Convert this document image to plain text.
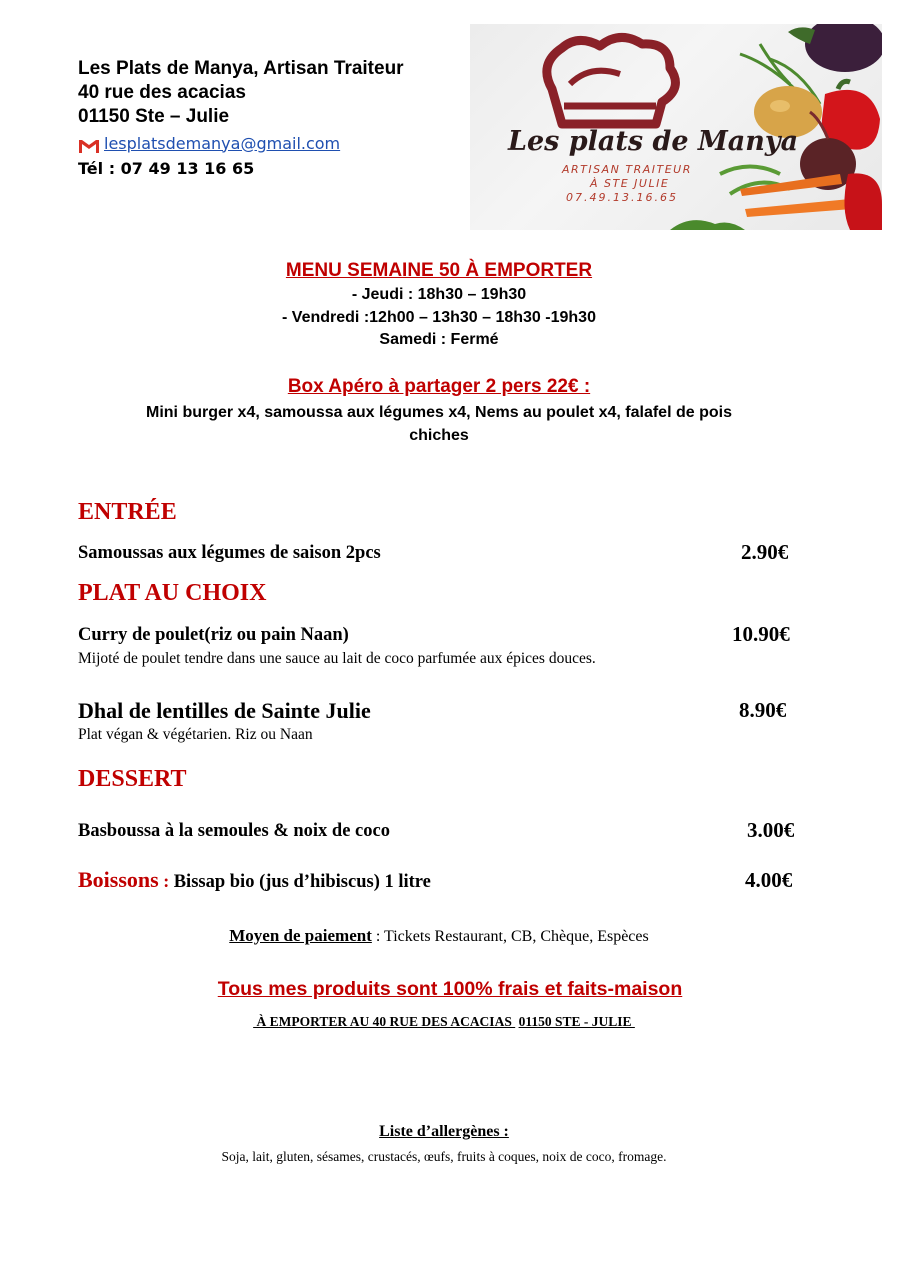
Les Plats de Manya, Artisan Traiteur
40 rue des acacias
01150 Ste – Julie
lesplatsdemanya@gmail.com
Tél : 07 49 13 16 65
Les plats de Manya
ARTISAN TRAITEUR
À STE JULIE
07.49.13.16.65
MENU SEMAINE 50 À EMPORTER
- Jeudi : 18h30 – 19h30
- Vendredi :12h00 – 13h30 – 18h30 -19h30
Samedi : Fermé
Box Apéro à partager 2 pers 22€ :
Mini burger x4, samoussa aux légumes x4, Nems au poulet x4, falafel de pois
chiches
ENTRÉE
Samoussas aux légumes de saison 2pcs	2.90€
PLAT AU CHOIX
Curry de poulet(riz ou pain Naan)	10.90€
Mijoté de poulet tendre dans une sauce au lait de coco parfumée aux épices douces.
Dhal de lentilles de Sainte Julie	8.90€
Plat végan & végétarien. Riz ou Naan
DESSERT
Basboussa à la semoules & noix de coco	3.00€
Boissons : Bissap bio (jus d’hibiscus) 1 litre	4.00€
Moyen de paiement : Tickets Restaurant, CB, Chèque, Espèces
Tous mes produits sont 100% frais et faits-maison
À EMPORTER AU 40 RUE DES ACACIAS  01150 STE - JULIE
Liste d’allergènes :
Soja, lait, gluten, sésames, crustacés, œufs, fruits à coques, noix de coco, fromage.
